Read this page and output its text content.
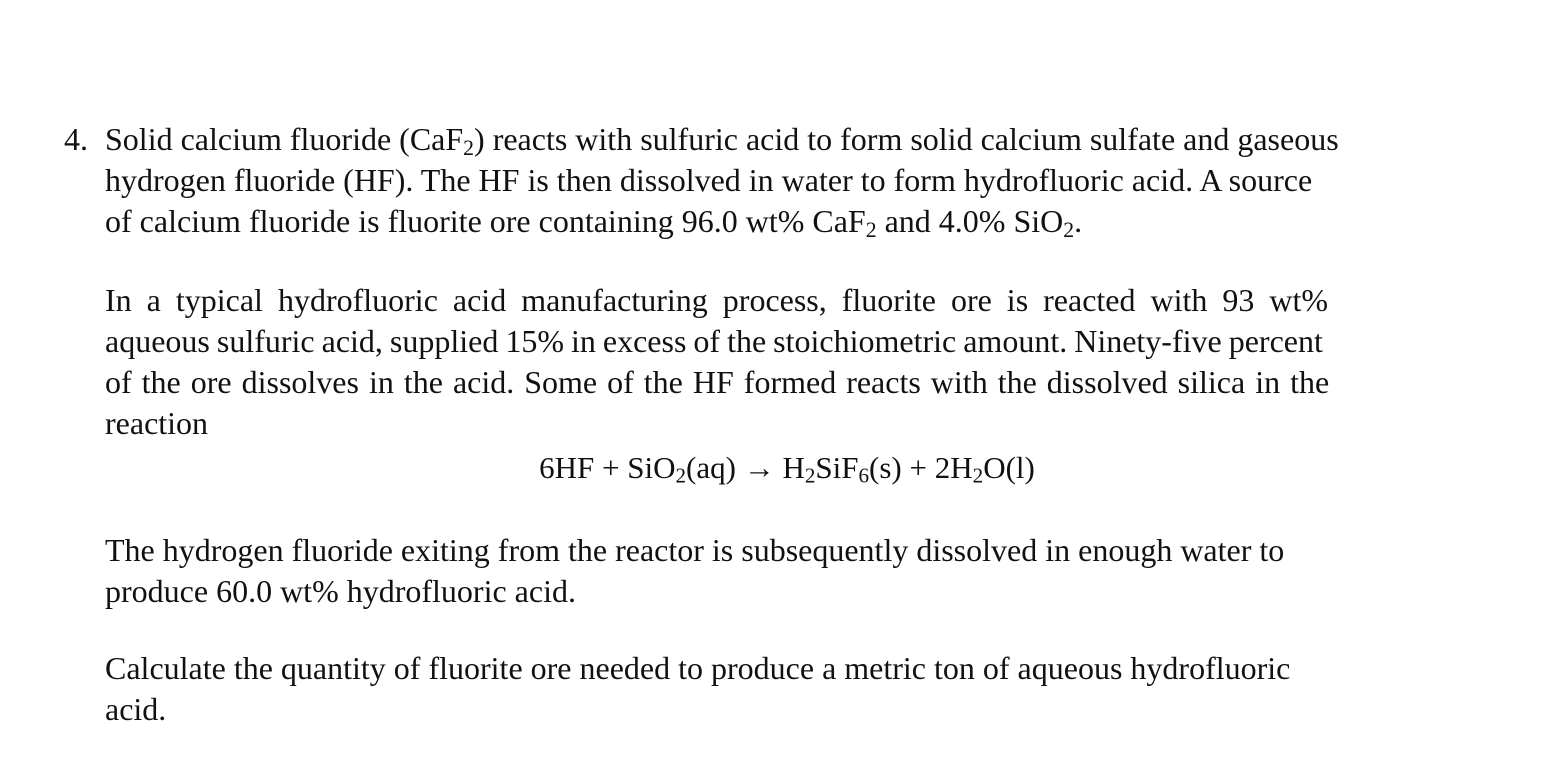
4. Solid calcium fluoride (CaF$_2$) reacts with sulfuric acid to form solid calcium sulfate and gaseous
hydrogen fluoride (HF). The HF is then dissolved in water to form hydrofluoric acid. A source
of calcium fluoride is fluorite ore containing 96.0 wt% CaF$_2$ and 4.0% SiO$_2$.
In a typical hydrofluoric acid manufacturing process, fluorite ore is reacted with 93 wt%
aqueous sulfuric acid, supplied 15% in excess of the stoichiometric amount. Ninety-five percent
of the ore dissolves in the acid. Some of the HF formed reacts with the dissolved silica in the
reaction
$6HF + SiO_2(aq) \to H_2SiF_6(s) + 2H_2O(l)$
The hydrogen fluoride exiting from the reactor is subsequently dissolved in enough water to
produce 60.0 wt% hydrofluoric acid.
Calculate the quantity of fluorite ore needed to produce a metric ton of aqueous hydrofluoric
acid.
